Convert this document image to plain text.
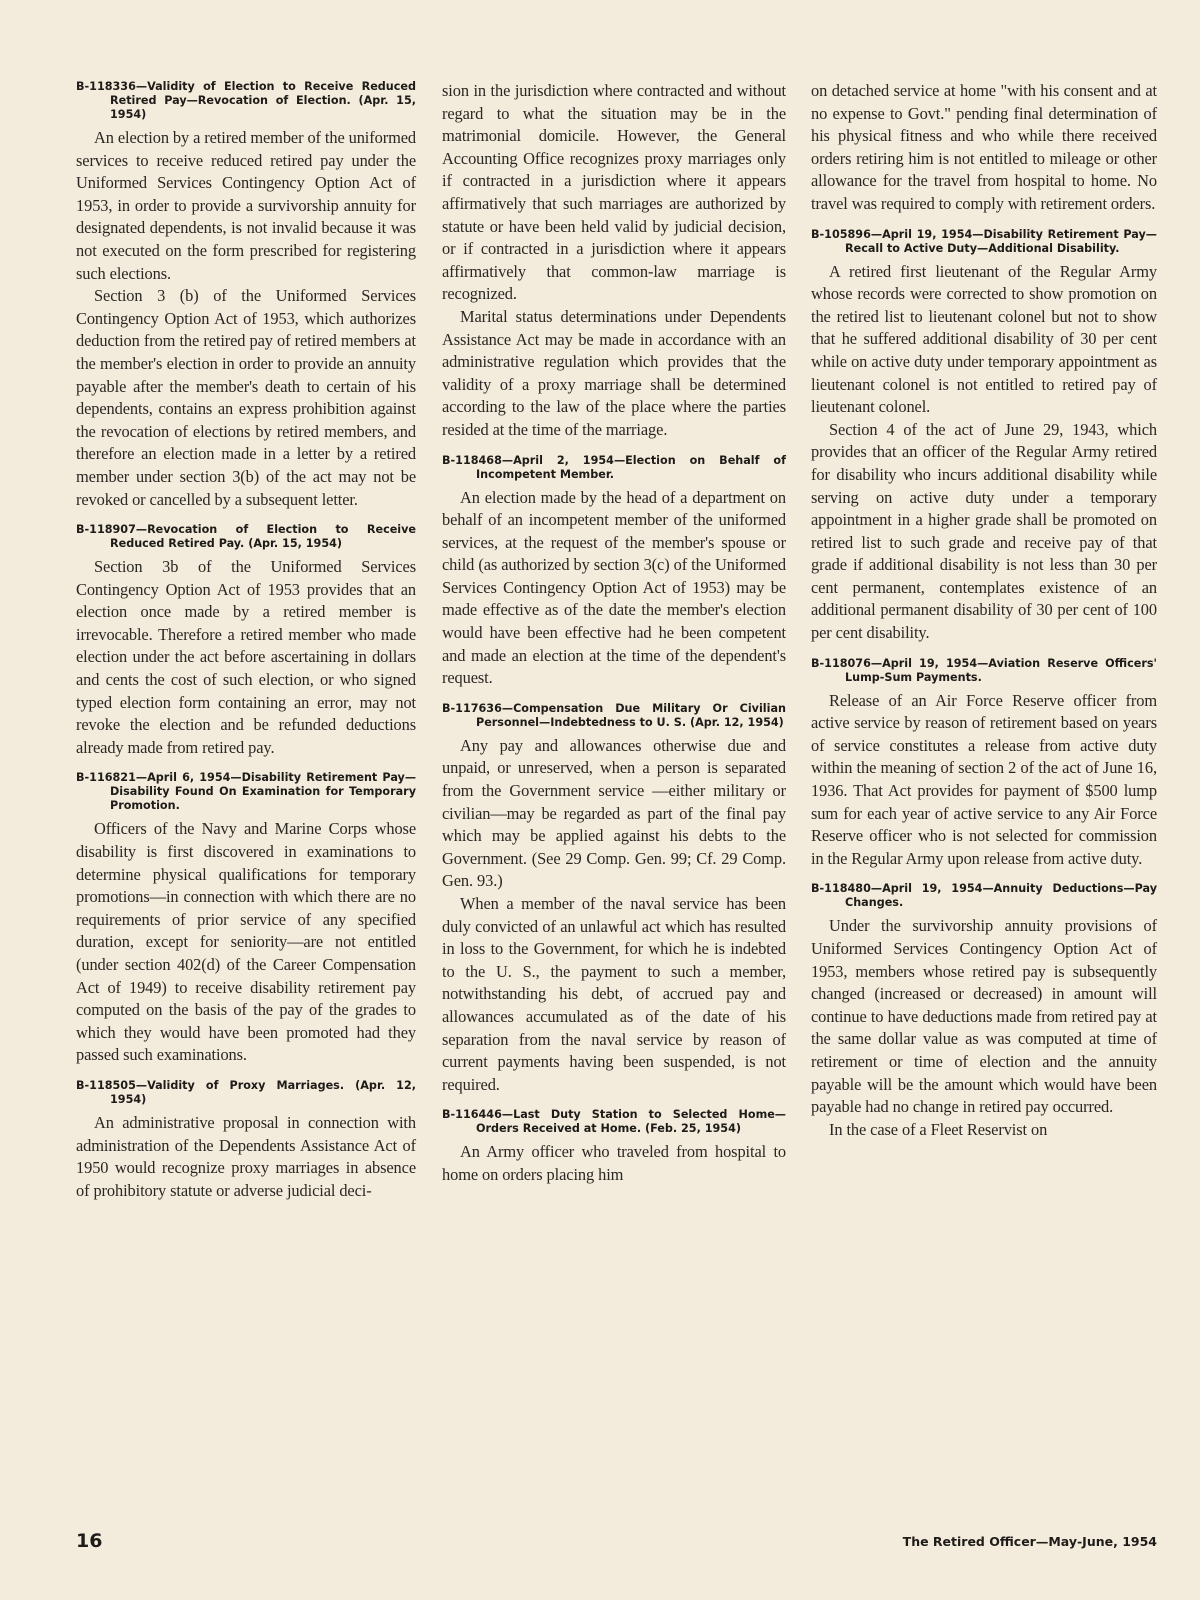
B-118336—Validity of Election to Receive Reduced Retired Pay—Revocation of Election. (Apr. 15, 1954)

An election by a retired member of the uniformed services to receive reduced retired pay under the Uniformed Services Contingency Option Act of 1953, in order to provide a survivorship annuity for designated dependents, is not invalid because it was not executed on the form prescribed for registering such elections.

Section 3 (b) of the Uniformed Services Contingency Option Act of 1953, which authorizes deduction from the retired pay of retired members at the member's election in order to provide an annuity payable after the member's death to certain of his dependents, contains an express prohibition against the revocation of elections by retired members, and therefore an election made in a letter by a retired member under section 3(b) of the act may not be revoked or cancelled by a subsequent letter.

B-118907—Revocation of Election to Receive Reduced Retired Pay. (Apr. 15, 1954)

Section 3b of the Uniformed Services Contingency Option Act of 1953 provides that an election once made by a retired member is irrevocable. Therefore a retired member who made election under the act before ascertaining in dollars and cents the cost of such election, or who signed typed election form containing an error, may not revoke the election and be refunded deductions already made from retired pay.

B-116821—April 6, 1954—Disability Retirement Pay—Disability Found On Examination for Temporary Promotion.

Officers of the Navy and Marine Corps whose disability is first discovered in examinations to determine physical qualifications for temporary promotions—in connection with which there are no requirements of prior service of any specified duration, except for seniority—are not entitled (under section 402(d) of the Career Compensation Act of 1949) to receive disability retirement pay computed on the basis of the pay of the grades to which they would have been promoted had they passed such examinations.

B-118505—Validity of Proxy Marriages. (Apr. 12, 1954)

An administrative proposal in connection with administration of the Dependents Assistance Act of 1950 would recognize proxy marriages in absence of prohibitory statute or adverse judicial deci-

sion in the jurisdiction where contracted and without regard to what the situation may be in the matrimonial domicile. However, the General Accounting Office recognizes proxy marriages only if contracted in a jurisdiction where it appears affirmatively that such marriages are authorized by statute or have been held valid by judicial decision, or if contracted in a jurisdiction where it appears affirmatively that common-law marriage is recognized.

Marital status determinations under Dependents Assistance Act may be made in accordance with an administrative regulation which provides that the validity of a proxy marriage shall be determined according to the law of the place where the parties resided at the time of the marriage.

B-118468—April 2, 1954—Election on Behalf of Incompetent Member.

An election made by the head of a department on behalf of an incompetent member of the uniformed services, at the request of the member's spouse or child (as authorized by section 3(c) of the Uniformed Services Contingency Option Act of 1953) may be made effective as of the date the member's election would have been effective had he been competent and made an election at the time of the dependent's request.

B-117636—Compensation Due Military Or Civilian Personnel—Indebtedness to U. S. (Apr. 12, 1954)

Any pay and allowances otherwise due and unpaid, or unreserved, when a person is separated from the Government service —either military or civilian—may be regarded as part of the final pay which may be applied against his debts to the Government. (See 29 Comp. Gen. 99; Cf. 29 Comp. Gen. 93.)

When a member of the naval service has been duly convicted of an unlawful act which has resulted in loss to the Government, for which he is indebted to the U. S., the payment to such a member, notwithstanding his debt, of accrued pay and allowances accumulated as of the date of his separation from the naval service by reason of current payments having been suspended, is not required.

B-116446—Last Duty Station to Selected Home—Orders Received at Home. (Feb. 25, 1954)

An Army officer who traveled from hospital to home on orders placing him

on detached service at home "with his consent and at no expense to Govt." pending final determination of his physical fitness and who while there received orders retiring him is not entitled to mileage or other allowance for the travel from hospital to home. No travel was required to comply with retirement orders.

B-105896—April 19, 1954—Disability Retirement Pay—Recall to Active Duty—Additional Disability.

A retired first lieutenant of the Regular Army whose records were corrected to show promotion on the retired list to lieutenant colonel but not to show that he suffered additional disability of 30 per cent while on active duty under temporary appointment as lieutenant colonel is not entitled to retired pay of lieutenant colonel.

Section 4 of the act of June 29, 1943, which provides that an officer of the Regular Army retired for disability who incurs additional disability while serving on active duty under a temporary appointment in a higher grade shall be promoted on retired list to such grade and receive pay of that grade if additional disability is not less than 30 per cent permanent, contemplates existence of an additional permanent disability of 30 per cent of 100 per cent disability.

B-118076—April 19, 1954—Aviation Reserve Officers' Lump-Sum Payments.

Release of an Air Force Reserve officer from active service by reason of retirement based on years of service constitutes a release from active duty within the meaning of section 2 of the act of June 16, 1936. That Act provides for payment of $500 lump sum for each year of active service to any Air Force Reserve officer who is not selected for commission in the Regular Army upon release from active duty.

B-118480—April 19, 1954—Annuity Deductions—Pay Changes.

Under the survivorship annuity provisions of Uniformed Services Contingency Option Act of 1953, members whose retired pay is subsequently changed (increased or decreased) in amount will continue to have deductions made from retired pay at the same dollar value as was computed at time of retirement or time of election and the annuity payable will be the amount which would have been payable had no change in retired pay occurred.

In the case of a Fleet Reservist on

16	The Retired Officer—May-June, 1954
